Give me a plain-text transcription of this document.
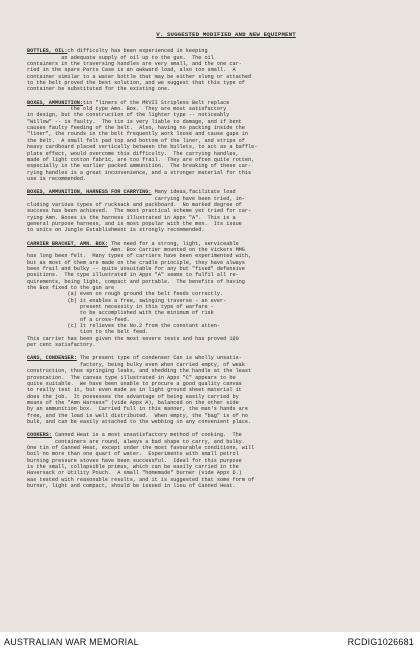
V. SUGGESTED MODIFIED AND NEW EQUIPMENT
BOTTLES, OIL:ch difficulty has been experienced in keeping
an adequate supply of oil up to the gun.  The oil
containers in the traversing handles are very small, and the one car-
ried in the spare Parts Case is an awkward load, also too small.  A
container similar to a water bottle that may be either slung or attached
to the belt proved the best solution, and we suggest that this type of
container be substituted for the existing one.
BOXES, AMMUNITION:tin "liners of the MkVII Stripless Belt replace
the old type Amn. Box.  They are most satisfactory
in design, but the construction of the lighter type -- noticeably
"Willow" -- is faulty.  The tin is very liable to damage, and if bent
causes faulty feeding of the belt.  Also, having no packing inside the
"liner", the rounds in the belt frequently work loose and cause gaps in
the belt.  A small felt pad top and bottom of the liner, and strips of
heavy cardboard placed vertically between the bullets, to act as a baffle-
plate effect, would overcome this difficulty.  The carrying handles,
made of light cotton fabric, are too frail.  They are often quite rotten,
especially in the earlier packed ammunition.  The breaking of these car-
rying handles is a great inconvenience, and a stronger material for this
use is recommended.
BOXES, AMMUNITION, HARNESS FOR CARRYING: Many ideas,facilitate load
carrying have been tried, in-
cluding various types of rucksack and packboard.  No marked degree of
success has been achieved.  The most practical scheme yet tried for car-
rying Amn. Boxes is the harness illustrated in Appx "A".  This is a
general purpose harness, and is most popular with the men.  Its issue
to units on Jungle Establishment is strongly recommended.
CARRIER BRACKET, AMN. BOX: The need for a strong, light, serviceable
Amn. Box Carrier mounted on the Vickers MMG
has long been felt.  Many types of carriers have been experimented with,
but as most of them are made on the cradle principle, they have always
been frail and bulky -- quite unsuitable for any but "fixed" defensive
positions.  The type illustrated in Appx "A" seems to fulfil all re-
quirements, being light, compact and portable.  The benefits of having
the Box fixed to the gun are
(a) even on rough ground the belt feeds correctly.
(b) it enables a free, swinging traverse - an ever-
present necessity in this type of warfare -
to be accomplished with the minimum of risk
of a cross-feed.
(c) It relieves the No.2 from the constant atten-
tion to the belt feed.
This carrier has been given the most severe tests and has proved 100
per cent satisfactory.
CANS, CONDENSER: The present type of condenser Can is wholly unsatis-
factory, being bulky even when carried empty, of weak
construction, thus springing leaks, and shedding the handle at the least
provocation.  The canvas type illustrated in Appx "C" appears to be
quite suitable.  We have been unable to procure a good quality canvas
to really test it, but even made as in light ground sheet material it
does the job.  It possesses the advantage of being easily carried by
means of the "Amn Harness" (vide Appx A), balanced on the other side
by an ammunition box.  Carried full in this manner, the man's hands are
free, and the load is well distributed.  When empty, the "bag" is of no
bulk, and can be easily attached to the webbing in any convenient place.
COOKERS: Canned Heat is a most unsatisfactory method of cooking.  The
containers are round, always a bad shape to carry, and bulky.
One tin of Canned Heat, except under the most favourable conditions, will
boil no more than one quart of water.  Experiments with small petrol
burning pressure stoves have been successful.  Ideal for this purpose
is the small, collapsible primus, which can be easily carried in the
Haversack or Utility Pouch.  A small "homemade" burner (vide Appx D.)
was tested with reasonable results, and it is suggested that some form of
burner, light and compact, should be issued in lieu of Canned Heat.
AUSTRALIAN WAR MEMORIAL	RCDIG1026681
